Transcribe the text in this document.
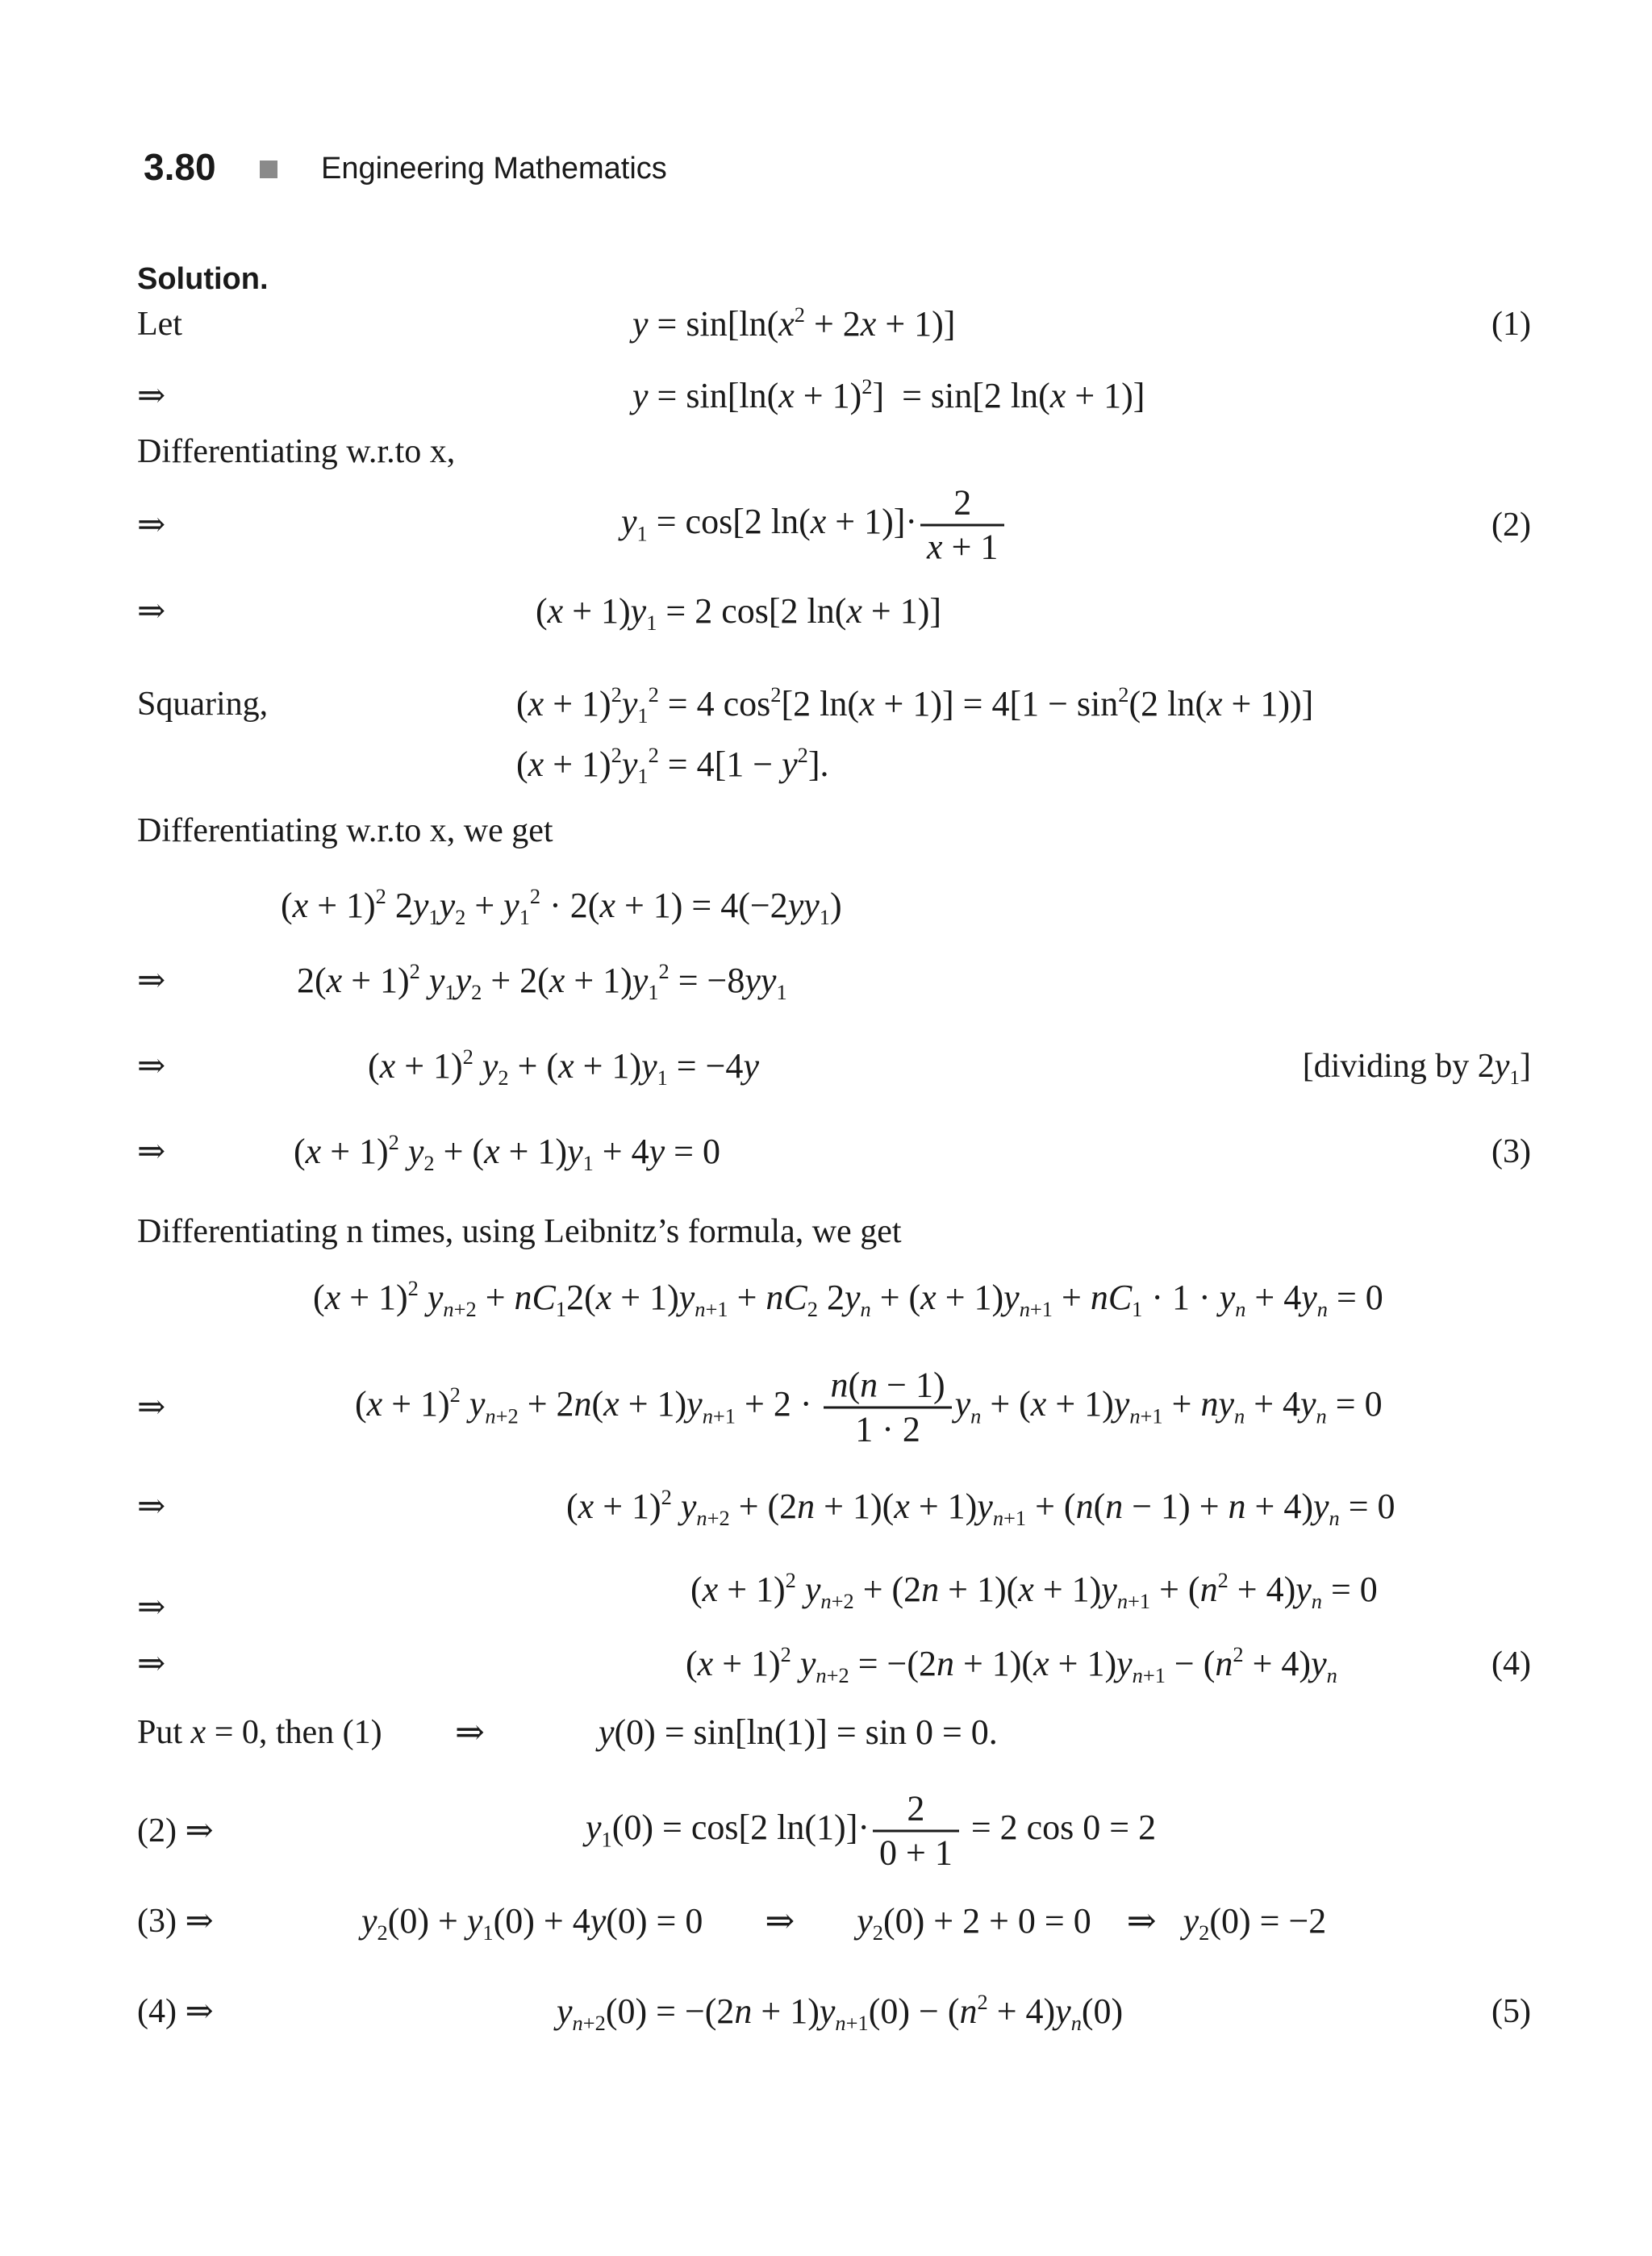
3.80	Engineering Mathematics
Solution.
Let	$y = \sin[\ln(x^2 + 2x + 1)]$	(1)
⇒	$y = \sin[\ln(x + 1)^2] = \sin[2$ ln(x + 1)]
Differentiating w.r.to x,
⇒	$y_1 = \cos[2$ $\ln(x + 1)]\cdot \frac{2}{x + 1}$	(2)
⇒	$(x + 1)y_1 = 2$ cos[2 ln(x + 1)]
Squaring,	$(x + 1)^2y_1^2 = 4$ $\cos^2[2$ $\ln(x + 1)] = 4[1 - \sin^2(2$ ln(x + 1))]
$(x + 1)^2y_1^2 = 4[1 - y^2]$.
Differentiating w.r.to x, we get
$(x + 1)^2$ $2y_1y_2 + y_1^2 \cdot 2(x + 1) = 4(-2yy_1)$
⇒	$2(x + 1)^2$ $y_1y_2 + 2(x + 1)y_1^2 = -8yy_1$
⇒	$(x + 1)^2$ $y_2 + (x + 1)y_1 = -4y$	[dividing by $2y_1$]
⇒	$(x + 1)^2$ $y_2 + (x + 1)y_1 + 4y = 0$	(3)
Differentiating n times, using Leibnitz’s formula, we get
$(x + 1)^2$ $y_{n+2} + nC_12(x + 1)y_{n+1} + nC_2$ $2y_n + (x + 1)y_{n+1} + nC_1 \cdot 1 \cdot y_n + 4y_n = 0$
⇒	$(x + 1)^2$ $y_{n+2} + 2n(x + 1)y_{n+1} + 2 \cdot \frac{n(n - 1)}{1 \cdot 2} y_n + (x + 1)y_{n+1} + ny_n + 4y_n = 0$
⇒	$(x + 1)^2$ $y_{n+2} + (2n + 1)(x + 1)y_{n+1} + (n(n - 1) + n + 4)y_n = 0$
$(x + 1)^2$ $y_{n+2} + (2n + 1)(x + 1)y_{n+1} + (n^2 + 4)y_n = 0$
⇒
⇒	$(x + 1)^2$ $y_{n+2} = -(2n + 1)(x + 1)y_{n+1} - (n^2 + 4)y_n$	(4)
Put x = 0, then (1) ⇒	y(0) = sin[ln(1)] = sin 0 = 0.
(2) ⇒	$y_1(0) = \cos[2$ $\ln(1)]\cdot \frac{2}{0 + 1} = 2$ cos 0 = 2
(3) ⇒	$y_2(0) + y_1(0) + 4y(0) = 0$       ⇒       $y_2(0) + 2 + 0 = 0$    ⇒   $y_2(0) = -2$
(4) ⇒	$y_{n+2}(0) = -(2n + 1)y_{n+1}(0) - (n^2 + 4)y_n(0)$	(5)
